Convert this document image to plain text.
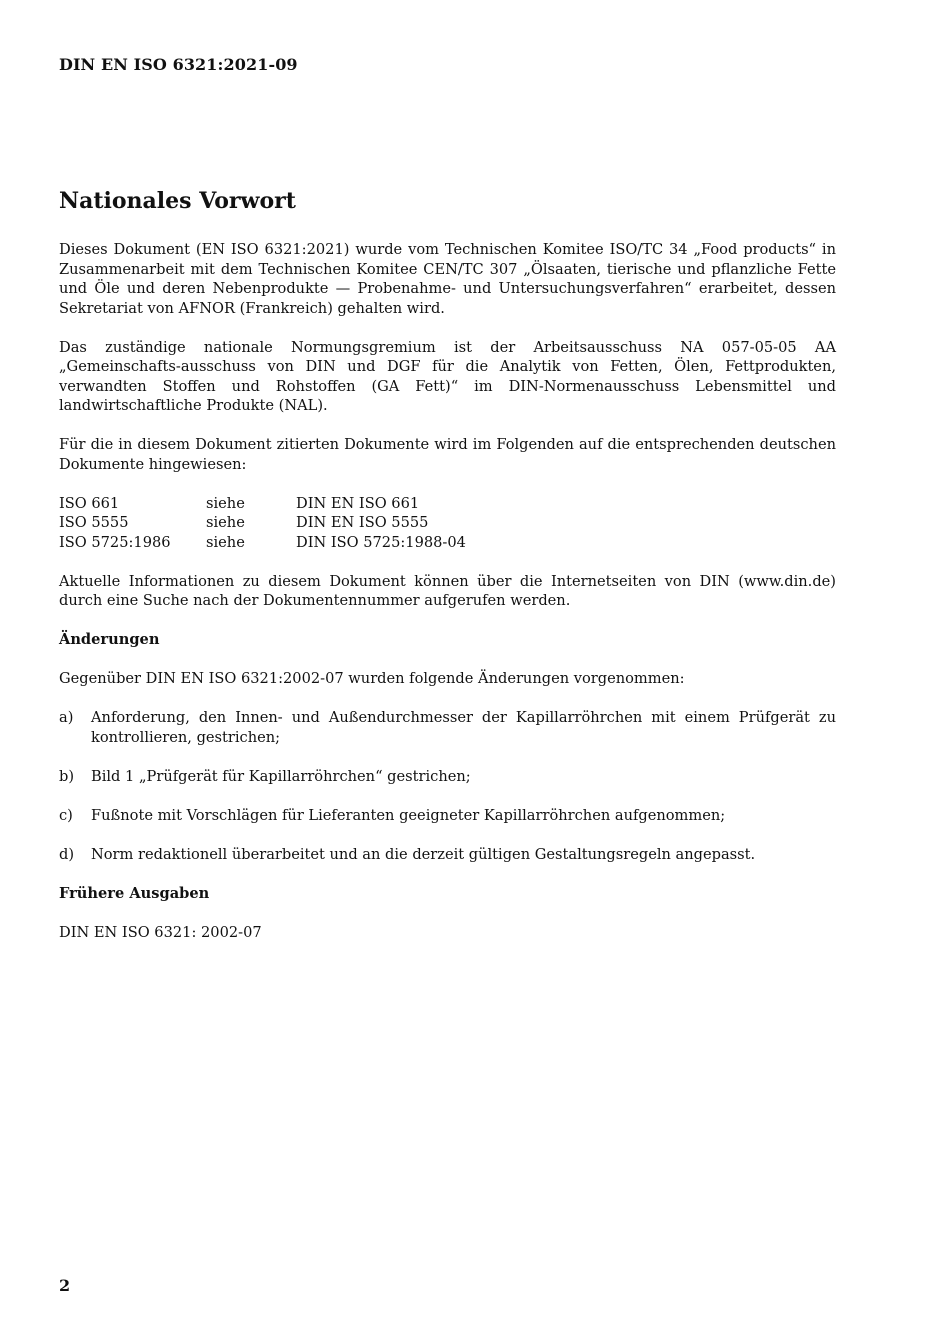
DIN EN ISO 6321:2021-09
Nationales Vorwort

Dieses Dokument (EN ISO 6321:2021) wurde vom Technischen Komitee ISO/TC 34 „Food products“ in Zusammenarbeit mit dem Technischen Komitee CEN/TC 307 „Ölsaaten, tierische und pflanzliche Fette und Öle und deren Nebenprodukte — Probenahme- und Untersuchungsverfahren“ erarbeitet, dessen Sekretariat von AFNOR (Frankreich) gehalten wird.

Das zuständige nationale Normungsgremium ist der Arbeitsausschuss NA 057-05-05 AA „Gemeinschafts-ausschuss von DIN und DGF für die Analytik von Fetten, Ölen, Fettprodukten, verwandten Stoffen und Rohstoffen (GA Fett)“ im DIN-Normenausschuss Lebensmittel und landwirtschaftliche Produkte (NAL).

Für die in diesem Dokument zitierten Dokumente wird im Folgenden auf die entsprechenden deutschen Dokumente hingewiesen:

ISO 661	siehe	DIN EN ISO 661
ISO 5555	siehe	DIN EN ISO 5555
ISO 5725:1986	siehe	DIN ISO 5725:1988-04

Aktuelle Informationen zu diesem Dokument können über die Internetseiten von DIN (www.din.de) durch eine Suche nach der Dokumentennummer aufgerufen werden.

Änderungen

Gegenüber DIN EN ISO 6321:2002-07 wurden folgende Änderungen vorgenommen:

a)	Anforderung, den Innen- und Außendurchmesser der Kapillarröhrchen mit einem Prüfgerät zu kontrollieren, gestrichen;
b)	Bild 1 „Prüfgerät für Kapillarröhrchen“ gestrichen;
c)	Fußnote mit Vorschlägen für Lieferanten geeigneter Kapillarröhrchen aufgenommen;
d)	Norm redaktionell überarbeitet und an die derzeit gültigen Gestaltungsregeln angepasst.
Frühere Ausgaben

DIN EN ISO 6321: 2002-07

2
